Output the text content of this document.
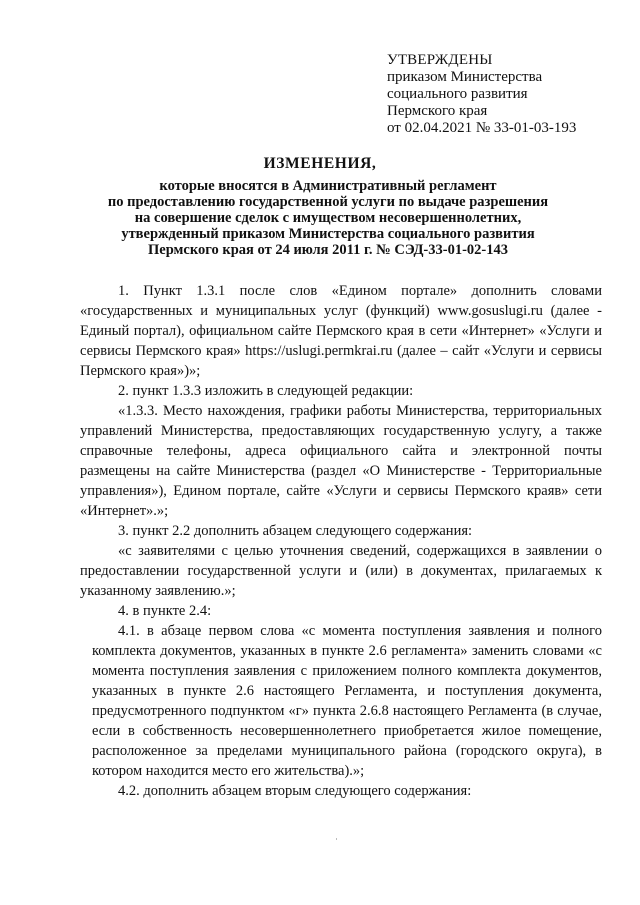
УТВЕРЖДЕНЫ
приказом Министерства
социального развития
Пермского края
от 02.04.2021 № 33-01-03-193
ИЗМЕНЕНИЯ,
которые вносятся в Административный регламент
по предоставлению государственной услуги по выдаче разрешения
на совершение сделок с имуществом несовершеннолетних,
утвержденный приказом Министерства социального развития
Пермского края от 24 июля 2011 г. № СЭД-33-01-02-143

1. Пункт 1.3.1 после слов «Едином портале» дополнить словами «государственных и муниципальных услуг (функций) www.gosuslugi.ru (далее - Единый портал), официальном сайте Пермского края в сети «Интернет» «Услуги и сервисы Пермского края» https://uslugi.permkrai.ru (далее – сайт «Услуги и сервисы Пермского края»)»;

2. пункт 1.3.3 изложить в следующей редакции:

«1.3.3. Место нахождения, графики работы Министерства, территориальных управлений Министерства, предоставляющих государственную услугу, а также справочные телефоны, адреса официального сайта и электронной почты размещены на сайте Министерства (раздел «О Министерстве - Территориальные управления»), Едином портале, сайте «Услуги и сервисы Пермского краяв» сети «Интернет».»;

3. пункт 2.2 дополнить абзацем следующего содержания:

«с заявителями с целью уточнения сведений, содержащихся в заявлении о предоставлении государственной услуги и (или) в документах, прилагаемых к указанному заявлению.»;

4. в пункте 2.4:

4.1. в абзаце первом слова «с момента поступления заявления и полного комплекта документов, указанных в пункте 2.6 регламента» заменить словами «с момента поступления заявления с приложением полного комплекта документов, указанных в пункте 2.6 настоящего Регламента, и поступления документа, предусмотренного подпунктом «г» пункта 2.6.8 настоящего Регламента (в случае, если в собственность несовершеннолетнего приобретается жилое помещение, расположенное за пределами муниципального района (городского округа), в котором находится место его жительства).»;

4.2. дополнить абзацем вторым следующего содержания:
